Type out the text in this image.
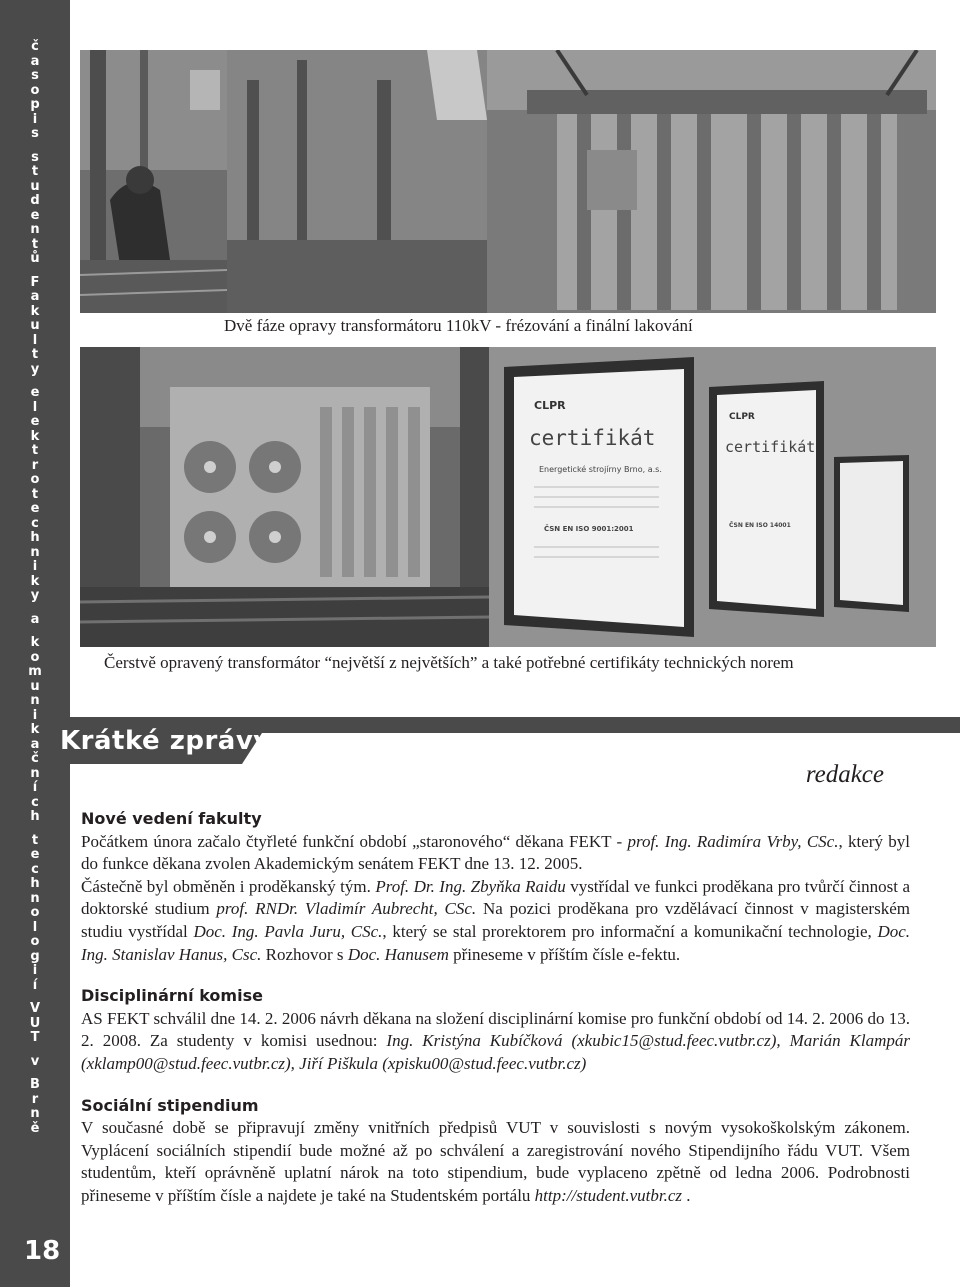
č
a
s
o
p
i
s

s
t
u
d
e
n
t
ů

F
a
k
u
l
t
y

e
l
e
k
t
r
o
t
e
c
h
n
i
k
y

a

k
o
m
u
n
i
k
a
č
n
í
c
h

t
e
c
h
n
o
l
o
g
i
í

V
U
T

v

B
r
n
ě
18
Dvě fáze opravy transformátoru 110kV - frézování a finální lakování
CLPR
certifikát
Energetické strojírny Brno, a.s.
ČSN EN ISO 9001:2001
CLPR
certifikát
ČSN EN ISO 14001
Čerstvě opravený transformátor “největší z největších” a také potřebné certifikáty technických norem
Krátké zprávy
redakce
Nové vedení fakulty
Počátkem února začalo čtyřleté funkční období „staronového“ děkana FEKT - prof. Ing. Radimíra Vrby, CSc., který byl do funkce děkana zvolen Akademickým senátem FEKT dne 13. 12. 2005.
Částečně byl obměněn i proděkanský tým. Prof. Dr. Ing. Zbyňka Raidu vystřídal ve funkci proděkana pro tvůrčí činnost a doktorské studium prof. RNDr. Vladimír Aubrecht, CSc. Na pozici proděkana pro vzdělávací činnost v magisterském studiu vystřídal Doc. Ing. Pavla Juru, CSc., který se stal prorektorem pro informační a komunikační technologie, Doc. Ing. Stanislav Hanus, Csc. Rozhovor s Doc. Hanusem přineseme v příštím čísle e-fektu.
Disciplinární komise
AS FEKT schválil dne 14. 2. 2006 návrh děkana na složení disciplinární komise pro funkční období od 14. 2. 2006 do 13. 2. 2008. Za studenty v komisi usednou: Ing. Kristýna Kubíčková (xkubic15@stud.feec.vutbr.cz), Marián Klampár (xklamp00@stud.feec.vutbr.cz), Jiří Piškula (xpisku00@stud.feec.vutbr.cz)
Sociální stipendium
V současné době se připravují změny vnitřních předpisů VUT v souvislosti s novým vysokoškolským zákonem. Vyplácení sociálních stipendií bude možné až po schválení a zaregistrování nového Stipendijního řádu VUT. Všem studentům, kteří oprávněně uplatní nárok na toto stipendium, bude vyplaceno zpětně od ledna 2006. Podrobnosti přineseme v příštím čísle a najdete je také na Studentském portálu http://student.vutbr.cz .
